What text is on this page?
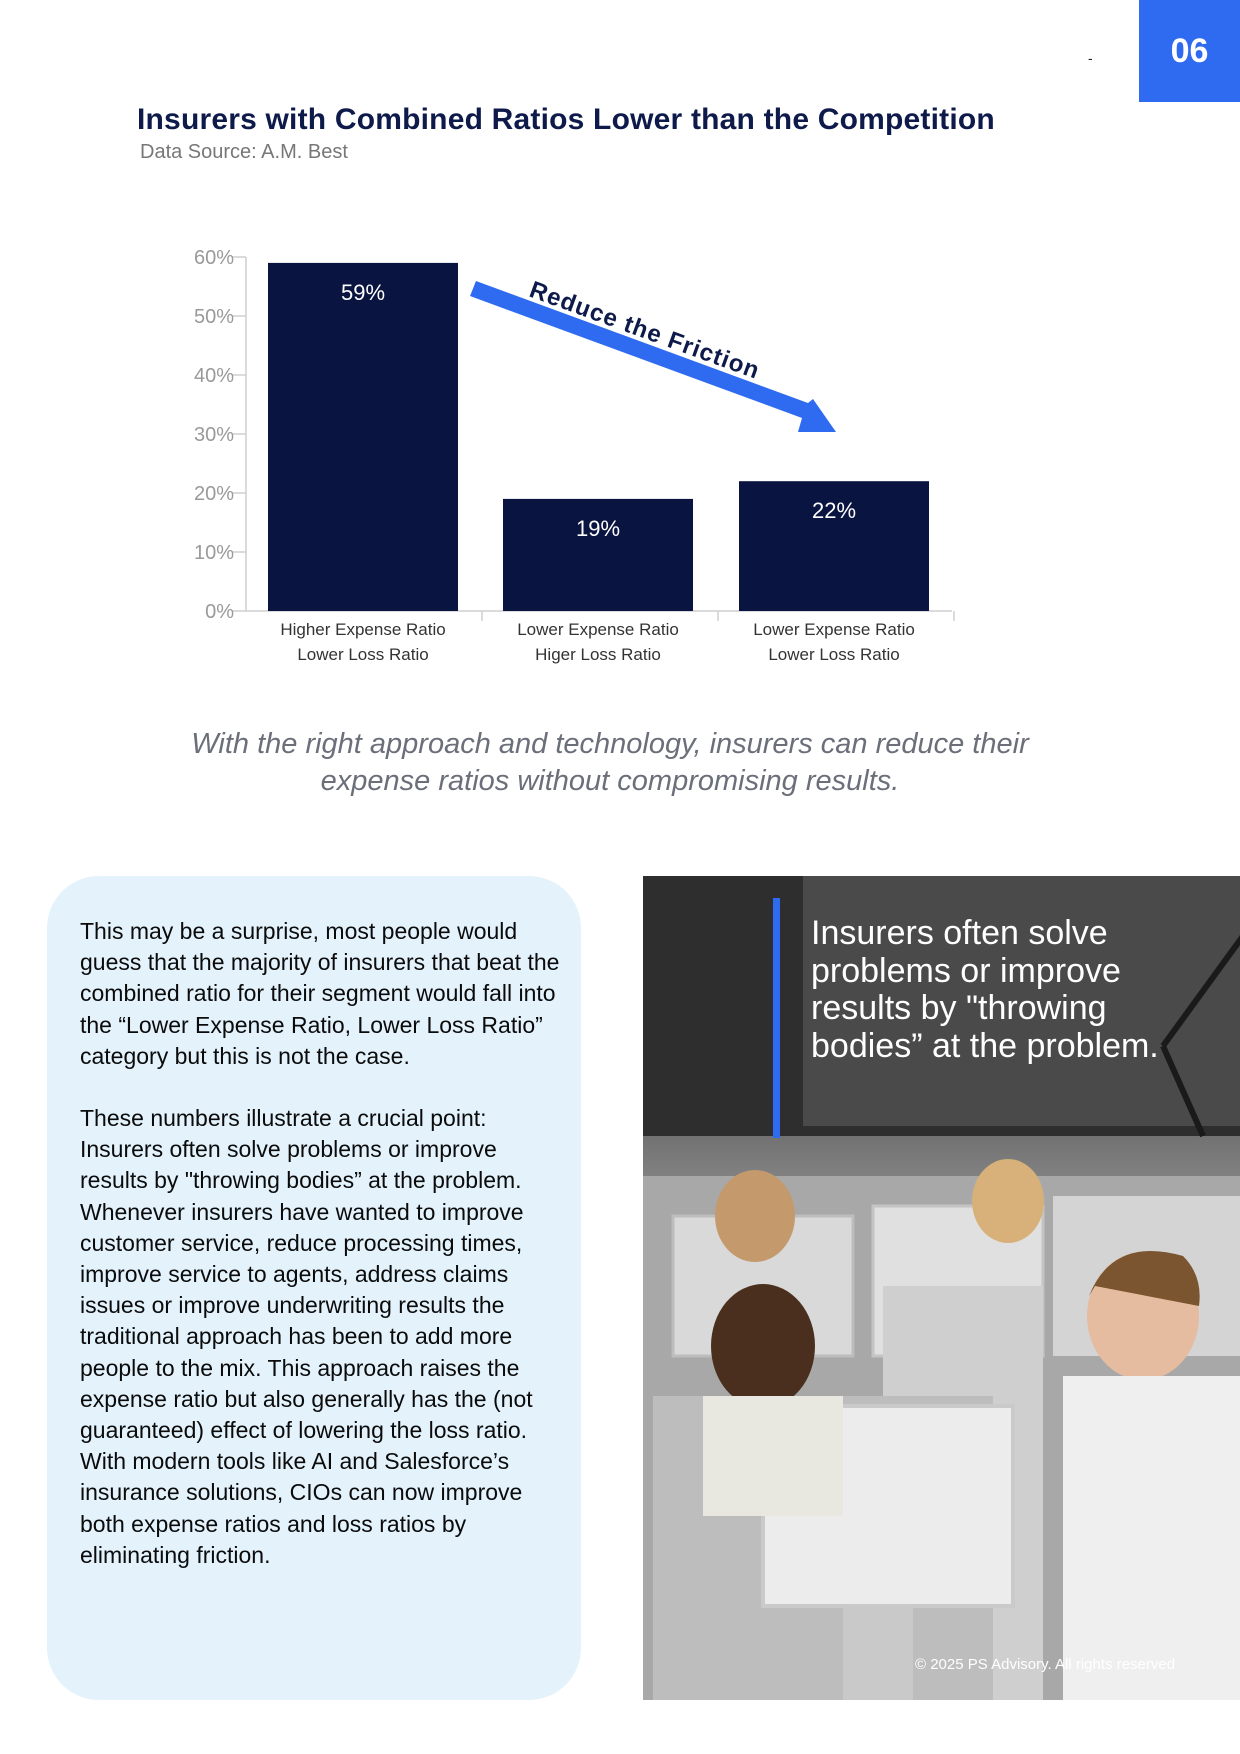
06
-
Insurers with Combined Ratios Lower than the Competition
Data Source: A.M. Best
0%
10%
20%
30%
40%
50%
60%
59%
19%
22%
Higher Expense Ratio
Lower Loss Ratio
Lower Expense Ratio
Higer Loss Ratio
Lower Expense Ratio
Lower Loss Ratio
Reduce the Friction

With the right approach and technology, insurers can reduce their
expense ratios without compromising results.

This may be a surprise, most people would guess that the majority of insurers that beat the combined ratio for their segment would fall into the “Lower Expense Ratio, Lower Loss Ratio” category but this is not the case.

These numbers illustrate a crucial point: Insurers often solve problems or improve results by "throwing bodies” at the problem. Whenever insurers have wanted to improve customer service, reduce processing times, improve service to agents, address claims issues or improve underwriting results the traditional approach has been to add more people to the mix. This approach raises the expense ratio but also generally has the (not guaranteed) effect of lowering the loss ratio. With modern tools like AI and Salesforce’s insurance solutions, CIOs can now improve both expense ratios and loss ratios by eliminating friction.

Insurers often solve problems or improve results by "throwing bodies” at the problem.

© 2025 PS Advisory. All rights reserved
